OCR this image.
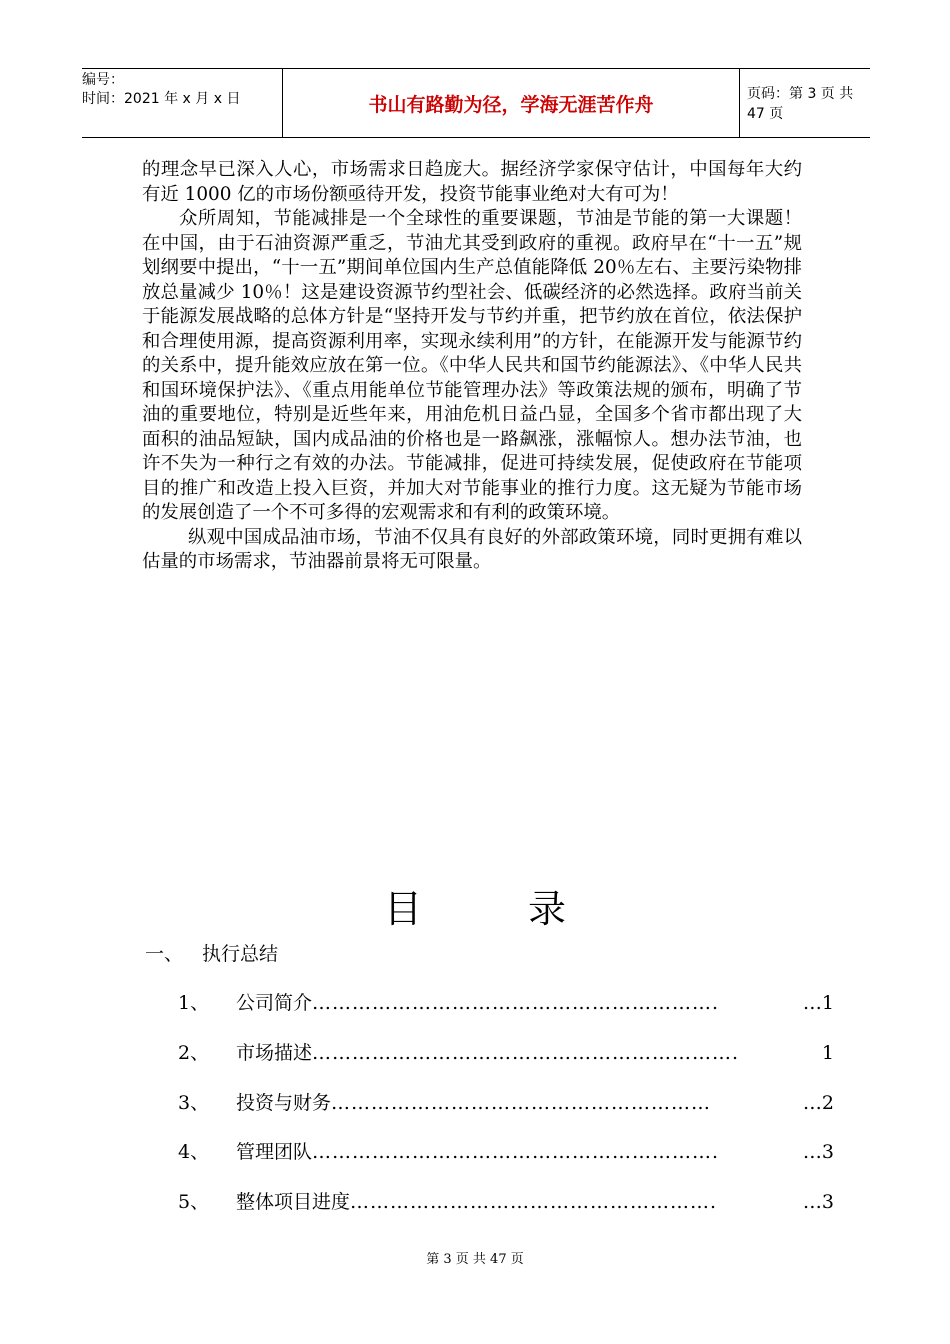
编号：
时间：2021 年 x 月 x 日	书山有路勤为径，学海无涯苦作舟	页码：第 3 页 共 47 页

的理念早已深入人心，市场需求日趋庞大。据经济学家保守估计，中国每年大约有近 1000 亿的市场份额亟待开发，投资节能事业绝对大有可为！

众所周知，节能减排是一个全球性的重要课题，节油是节能的第一大课题！在中国，由于石油资源严重乏，节油尤其受到政府的重视。政府早在“十一五”规划纲要中提出，“十一五”期间单位国内生产总值能降低 20％左右、主要污染物排放总量减少 10％！这是建设资源节约型社会、低碳经济的必然选择。政府当前关于能源发展战略的总体方针是“坚持开发与节约并重，把节约放在首位，依法保护和合理使用源，提高资源利用率，实现永续利用”的方针，在能源开发与能源节约的关系中，提升能效应放在第一位。《中华人民共和国节约能源法》、《中华人民共和国环境保护法》、《重点用能单位节能管理办法》等政策法规的颁布，明确了节油的重要地位，特别是近些年来，用油危机日益凸显，全国多个省市都出现了大面积的油品短缺，国内成品油的价格也是一路飙涨，涨幅惊人。想办法节油，也许不失为一种行之有效的办法。节能减排，促进可持续发展，促使政府在节能项目的推广和改造上投入巨资，并加大对节能事业的推行力度。这无疑为节能市场的发展创造了一个不可多得的宏观需求和有利的政策环境。

纵观中国成品油市场，节油不仅具有良好的外部政策环境，同时更拥有难以估量的市场需求，节油器前景将无可限量。

目录
一、 执行总结
1、	公司简介 …………………………………………………….	…1
2、	市场描述 ……………………………………………………….	1
3、	投资与财务 …………………………………………………	…2
4、	管理团队 …………………………………………………….	…3
5、	整体项目进度 ……………………………………………….	…3
第 3 页 共 47 页
